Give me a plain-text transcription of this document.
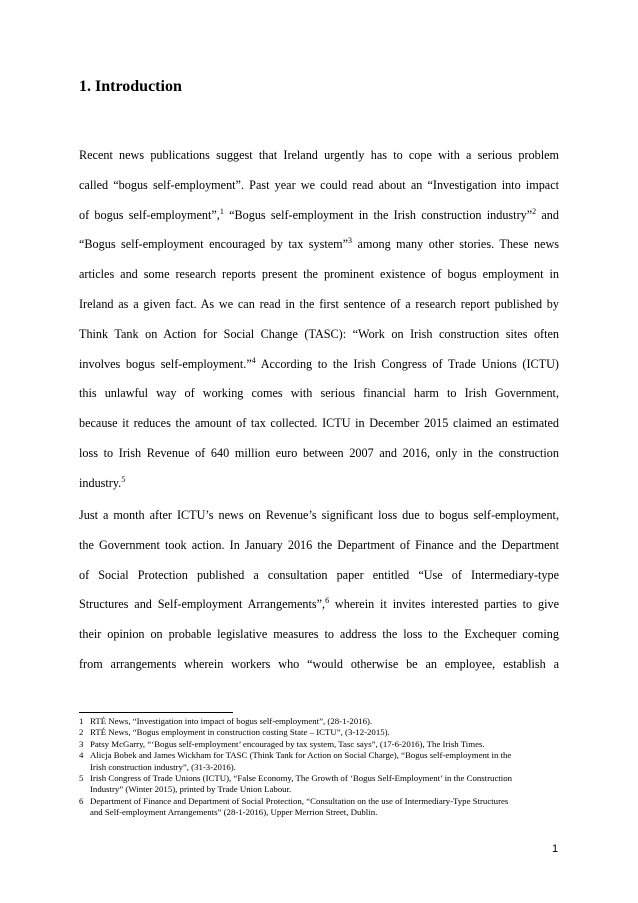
1. Introduction
Recent news publications suggest that Ireland urgently has to cope with a serious problem
called “bogus self-employment”. Past year we could read about an “Investigation into impact
of bogus self-employment”,$^1$ “Bogus self-employment in the Irish construction industry”$^2$ and
“Bogus self-employment encouraged by tax system”$^3$ among many other stories. These news
articles and some research reports present the prominent existence of bogus employment in
Ireland as a given fact. As we can read in the first sentence of a research report published by
Think Tank on Action for Social Change (TASC): “Work on Irish construction sites often
involves bogus self-employment.”$^4$ According to the Irish Congress of Trade Unions (ICTU)
this unlawful way of working comes with serious financial harm to Irish Government,
because it reduces the amount of tax collected. ICTU in December 2015 claimed an estimated
loss to Irish Revenue of 640 million euro between 2007 and 2016, only in the construction
industry.$^5$
Just a month after ICTU’s news on Revenue’s significant loss due to bogus self-employment,
the Government took action. In January 2016 the Department of Finance and the Department
of Social Protection published a consultation paper entitled “Use of Intermediary-type
Structures and Self-employment Arrangements”,$^6$ wherein it invites interested parties to give
their opinion on probable legislative measures to address the loss to the Exchequer coming
from arrangements wherein workers who “would otherwise be an employee, establish a
1 RTÉ News, “Investigation into impact of bogus self-employment”, (28-1-2016).
2 RTÉ News, “Bogus employment in construction costing State – ICTU”, (3-12-2015).
3 Patsy McGarry, “‘Bogus self-employment’ encouraged by tax system, Tasc says”, (17-6-2016), The Irish Times.
4 Alicja Bobek and James Wickham for TASC (Think Tank for Action on Social Charge), “Bogus self-employment in the
Irish construction industry”, (31-3-2016).
5 Irish Congress of Trade Unions (ICTU), “False Economy, The Growth of ‘Bogus Self-Employment’ in the Construction
Industry” (Winter 2015), printed by Trade Union Labour.
6 Department of Finance and Department of Social Protection, “Consultation on the use of Intermediary-Type Structures
and Self-employment Arrangements” (28-1-2016), Upper Merrion Street, Dublin.
1
